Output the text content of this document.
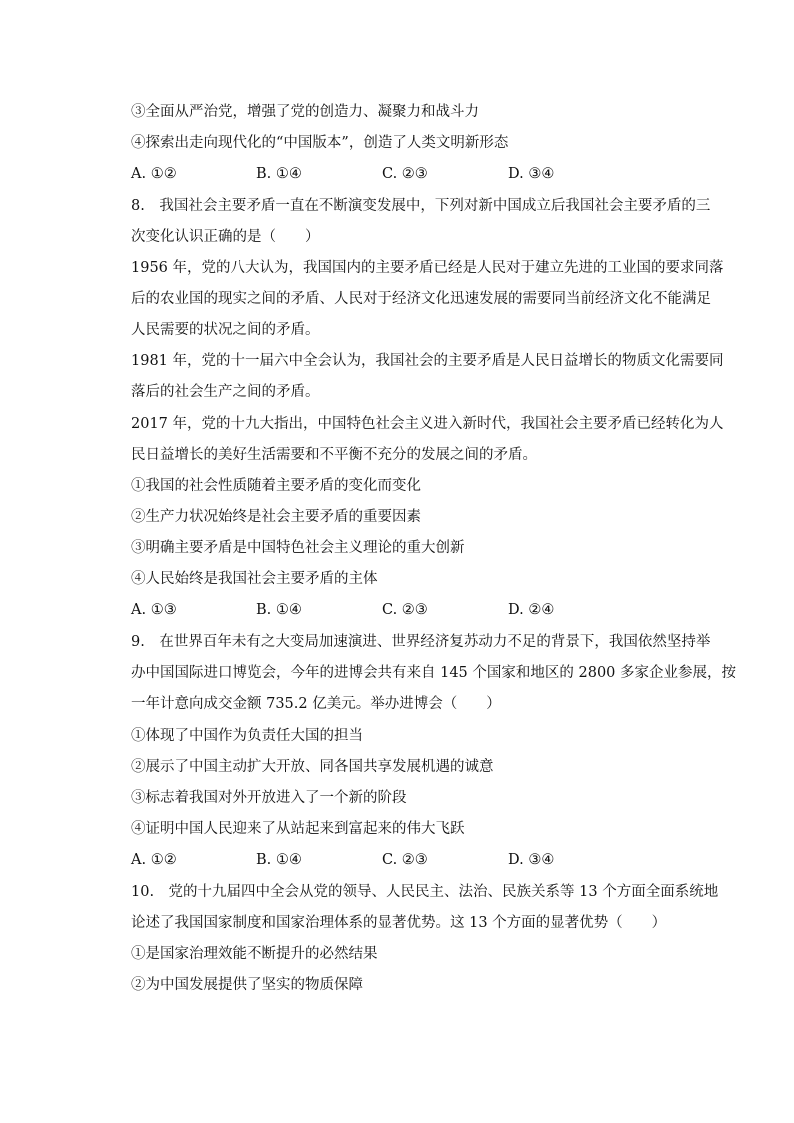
③全面从严治党，增强了党的创造力、凝聚力和战斗力
④探索出走向现代化的“中国版本”，创造了人类文明新形态
A. ①②	B. ①④	C. ②③	D. ③④
8.　我国社会主要矛盾一直在不断演变发展中，下列对新中国成立后我国社会主要矛盾的三
次变化认识正确的是（　　）
1956 年，党的八大认为，我国国内的主要矛盾已经是人民对于建立先进的工业国的要求同落
后的农业国的现实之间的矛盾、人民对于经济文化迅速发展的需要同当前经济文化不能满足
人民需要的状况之间的矛盾。
1981 年，党的十一届六中全会认为，我国社会的主要矛盾是人民日益增长的物质文化需要同
落后的社会生产之间的矛盾。
2017 年，党的十九大指出，中国特色社会主义进入新时代，我国社会主要矛盾已经转化为人
民日益增长的美好生活需要和不平衡不充分的发展之间的矛盾。
①我国的社会性质随着主要矛盾的变化而变化
②生产力状况始终是社会主要矛盾的重要因素
③明确主要矛盾是中国特色社会主义理论的重大创新
④人民始终是我国社会主要矛盾的主体
A. ①③	B. ①④	C. ②③	D. ②④
9.　在世界百年未有之大变局加速演进、世界经济复苏动力不足的背景下，我国依然坚持举
办中国国际进口博览会，今年的进博会共有来自 145 个国家和地区的 2800 多家企业参展，按
一年计意向成交金额 735.2 亿美元。举办进博会（　　）
①体现了中国作为负责任大国的担当
②展示了中国主动扩大开放、同各国共享发展机遇的诚意
③标志着我国对外开放进入了一个新的阶段
④证明中国人民迎来了从站起来到富起来的伟大飞跃
A. ①②	B. ①④	C. ②③	D. ③④
10.　党的十九届四中全会从党的领导、人民民主、法治、民族关系等 13 个方面全面系统地
论述了我国国家制度和国家治理体系的显著优势。这 13 个方面的显著优势（　　）
①是国家治理效能不断提升的必然结果
②为中国发展提供了坚实的物质保障
